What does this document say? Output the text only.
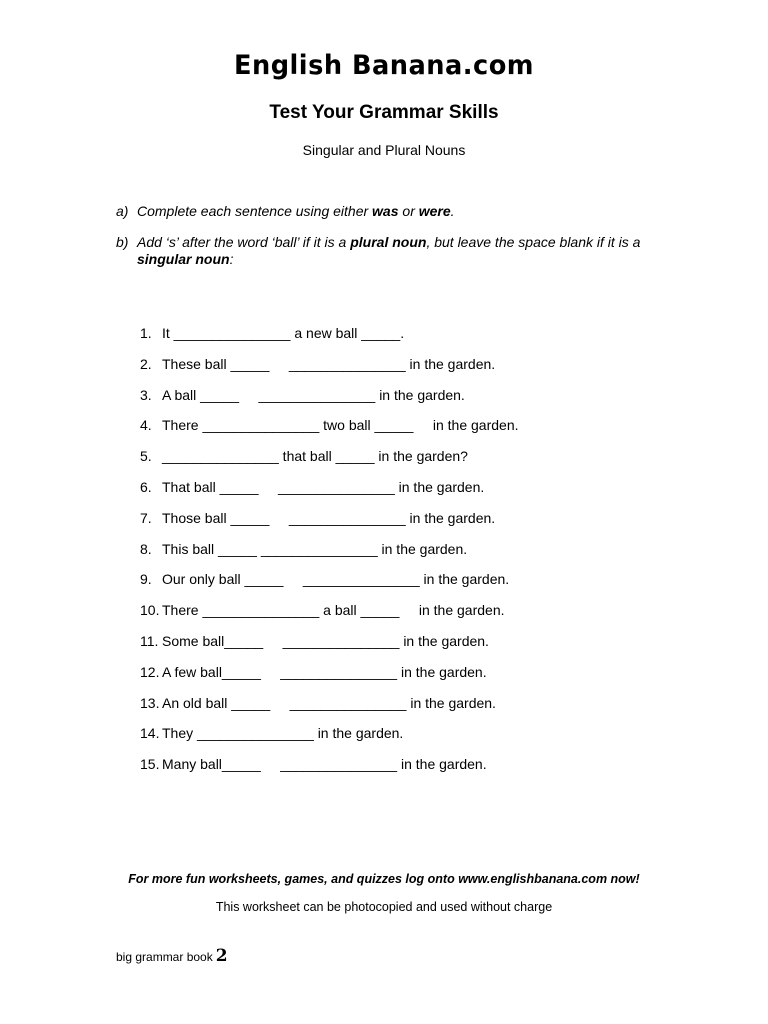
English Banana.com
Test Your Grammar Skills
Singular and Plural Nouns
a) Complete each sentence using either was or were.
b) Add ‘s’ after the word ‘ball’ if it is a plural noun, but leave the space blank if it is a
singular noun:
1. It _______________ a new ball _____.
2. These ball _____     _______________ in the garden.
3. A ball _____     _______________ in the garden.
4. There _______________ two ball _____     in the garden.
5. _______________ that ball _____ in the garden?
6. That ball _____     _______________ in the garden.
7. Those ball _____     _______________ in the garden.
8. This ball _____ _______________ in the garden.
9. Our only ball _____     _______________ in the garden.
10. There _______________ a ball _____     in the garden.
11. Some ball_____     _______________ in the garden.
12. A few ball_____     _______________ in the garden.
13. An old ball _____     _______________ in the garden.
14. They _______________ in the garden.
15. Many ball_____     _______________ in the garden.
For more fun worksheets, games, and quizzes log onto www.englishbanana.com now!
This worksheet can be photocopied and used without charge
big grammar book 2
